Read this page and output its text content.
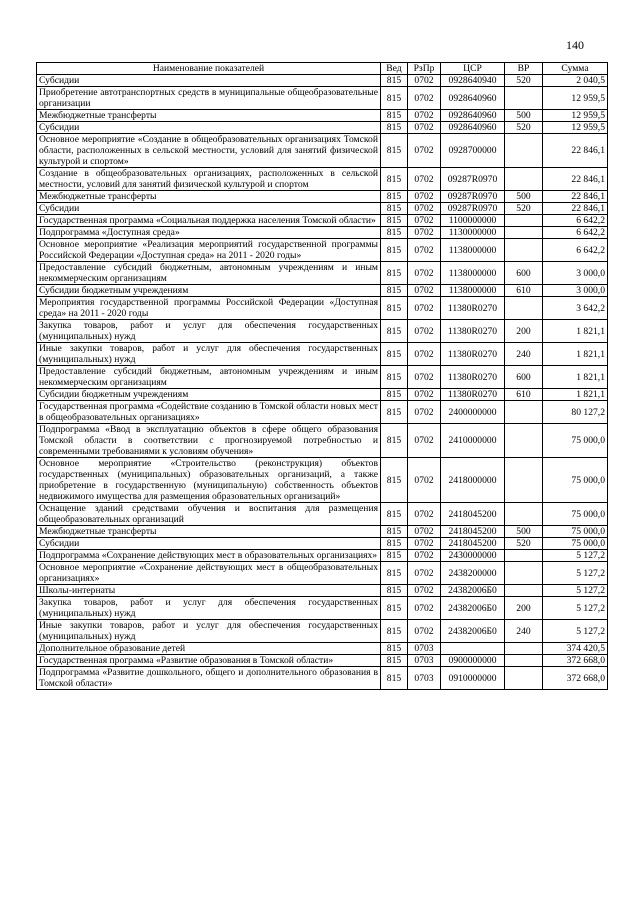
140
Наименование показателей	Вед	РзПр	ЦСР	ВР	Сумма
Субсидии	815	0702	0928640940	520	2 040,5
Приобретение автотранспортных средств в муниципальные общеобразовательные организации	815	0702	0928640960		12 959,5
Межбюджетные трансферты	815	0702	0928640960	500	12 959,5
Субсидии	815	0702	0928640960	520	12 959,5
Основное мероприятие «Создание в общеобразовательных организациях Томской области, расположенных в сельской местности, условий для занятий физической культурой и спортом»	815	0702	0928700000		22 846,1
Создание в общеобразовательных организациях, расположенных в сельской местности, условий для занятий физической культурой и спортом	815	0702	09287R0970		22 846,1
Межбюджетные трансферты	815	0702	09287R0970	500	22 846,1
Субсидии	815	0702	09287R0970	520	22 846,1
Государственная программа «Социальная поддержка населения Томской области»	815	0702	1100000000		6 642,2
Подпрограмма «Доступная среда»	815	0702	1130000000		6 642,2
Основное мероприятие «Реализация мероприятий государственной программы Российской Федерации «Доступная среда» на 2011 - 2020 годы»	815	0702	1138000000		6 642,2
Предоставление субсидий бюджетным, автономным учреждениям и иным некоммерческим организациям	815	0702	1138000000	600	3 000,0
Субсидии бюджетным учреждениям	815	0702	1138000000	610	3 000,0
Мероприятия государственной программы Российской Федерации «Доступная среда» на 2011 - 2020 годы	815	0702	11380R0270		3 642,2
Закупка товаров, работ и услуг для обеспечения государственных (муниципальных) нужд	815	0702	11380R0270	200	1 821,1
Иные закупки товаров, работ и услуг для обеспечения государственных (муниципальных) нужд	815	0702	11380R0270	240	1 821,1
Предоставление субсидий бюджетным, автономным учреждениям и иным некоммерческим организациям	815	0702	11380R0270	600	1 821,1
Субсидии бюджетным учреждениям	815	0702	11380R0270	610	1 821,1
Государственная программа «Содействие созданию в Томской области новых мест в общеобразовательных организациях»	815	0702	2400000000		80 127,2
Подпрограмма «Ввод в эксплуатацию объектов в сфере общего образования Томской области в соответствии с прогнозируемой потребностью и современными требованиями к условиям обучения»	815	0702	2410000000		75 000,0
Основное мероприятие «Строительство (реконструкция) объектов государственных (муниципальных) образовательных организаций, а также приобретение в государственную (муниципальную) собственность объектов недвижимого имущества для размещения образовательных организаций»	815	0702	2418000000		75 000,0
Оснащение зданий средствами обучения и воспитания для размещения общеобразовательных организаций	815	0702	2418045200		75 000,0
Межбюджетные трансферты	815	0702	2418045200	500	75 000,0
Субсидии	815	0702	2418045200	520	75 000,0
Подпрограмма «Сохранение действующих мест в образовательных организациях»	815	0702	2430000000		5 127,2
Основное мероприятие «Сохранение действующих мест в общеобразовательных организациях»	815	0702	2438200000		5 127,2
Школы-интернаты	815	0702	24382006Б0		5 127,2
Закупка товаров, работ и услуг для обеспечения государственных (муниципальных) нужд	815	0702	24382006Б0	200	5 127,2
Иные закупки товаров, работ и услуг для обеспечения государственных (муниципальных) нужд	815	0702	24382006Б0	240	5 127,2
Дополнительное образование детей	815	0703			374 420,5
Государственная программа «Развитие образования в Томской области»	815	0703	0900000000		372 668,0
Подпрограмма «Развитие дошкольного, общего и дополнительного образования в Томской области»	815	0703	0910000000		372 668,0
